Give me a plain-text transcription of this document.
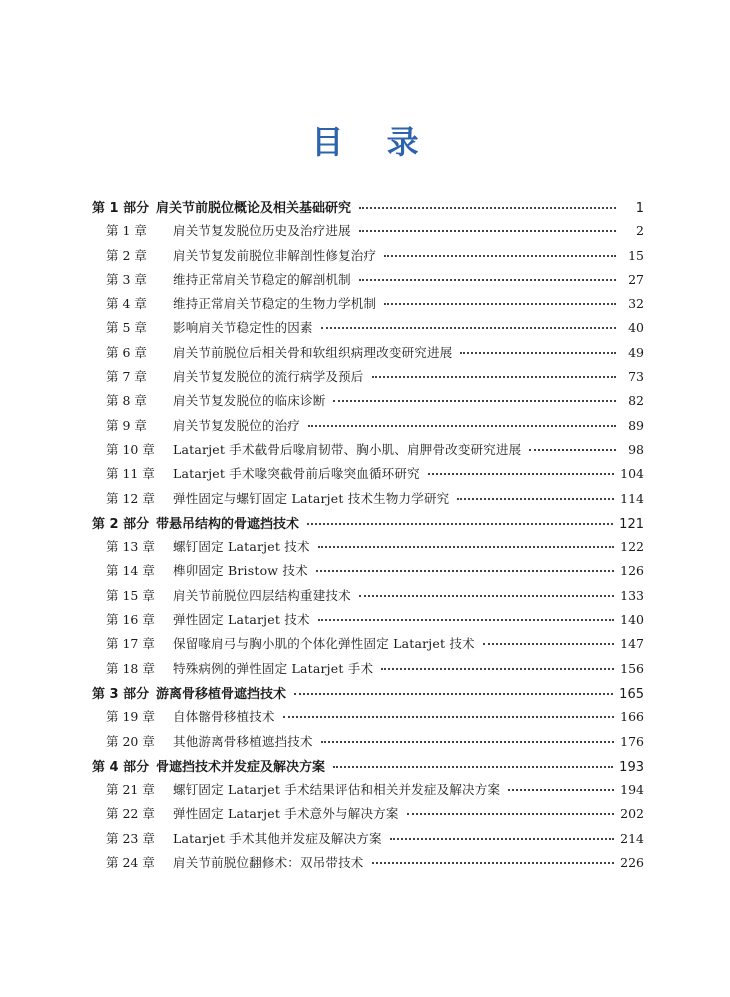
目 录
第 1 部分 肩关节前脱位概论及相关基础研究	1
第 1 章	肩关节复发脱位历史及治疗进展	2
第 2 章	肩关节复发前脱位非解剖性修复治疗	15
第 3 章	维持正常肩关节稳定的解剖机制	27
第 4 章	维持正常肩关节稳定的生物力学机制	32
第 5 章	影响肩关节稳定性的因素	40
第 6 章	肩关节前脱位后相关骨和软组织病理改变研究进展	49
第 7 章	肩关节复发脱位的流行病学及预后	73
第 8 章	肩关节复发脱位的临床诊断	82
第 9 章	肩关节复发脱位的治疗	89
第 10 章	Latarjet 手术截骨后喙肩韧带、胸小肌、肩胛骨改变研究进展	98
第 11 章	Latarjet 手术喙突截骨前后喙突血循环研究	104
第 12 章	弹性固定与螺钉固定 Latarjet 技术生物力学研究	114
第 2 部分 带悬吊结构的骨遮挡技术	121
第 13 章	螺钉固定 Latarjet 技术	122
第 14 章	榫卯固定 Bristow 技术	126
第 15 章	肩关节前脱位四层结构重建技术	133
第 16 章	弹性固定 Latarjet 技术	140
第 17 章	保留喙肩弓与胸小肌的个体化弹性固定 Latarjet 技术	147
第 18 章	特殊病例的弹性固定 Latarjet 手术	156
第 3 部分 游离骨移植骨遮挡技术	165
第 19 章	自体髂骨移植技术	166
第 20 章	其他游离骨移植遮挡技术	176
第 4 部分 骨遮挡技术并发症及解决方案	193
第 21 章	螺钉固定 Latarjet 手术结果评估和相关并发症及解决方案	194
第 22 章	弹性固定 Latarjet 手术意外与解决方案	202
第 23 章	Latarjet 手术其他并发症及解决方案	214
第 24 章	肩关节前脱位翻修术：双吊带技术	226
